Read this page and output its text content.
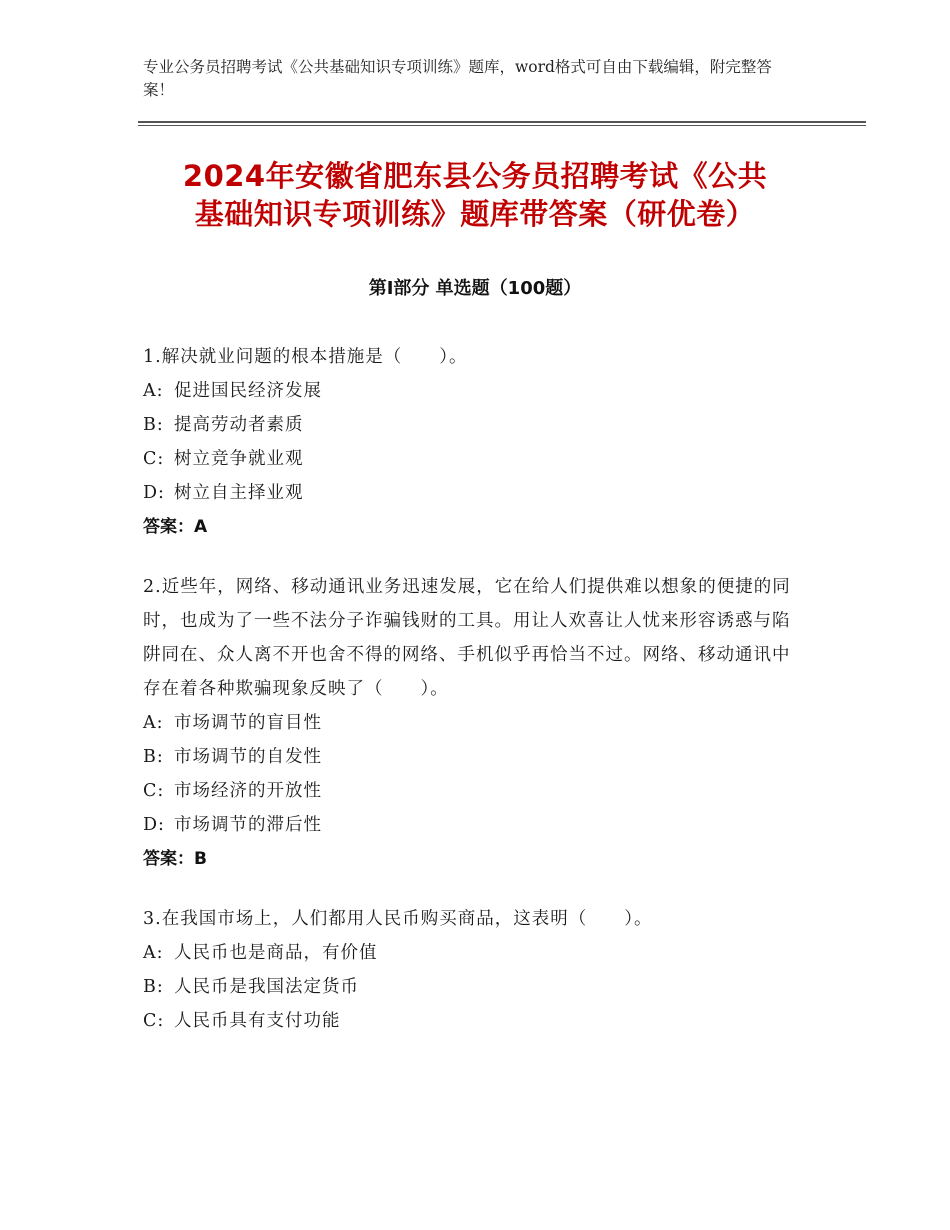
专业公务员招聘考试《公共基础知识专项训练》题库，word格式可自由下载编辑，附完整答案！
2024年安徽省肥东县公务员招聘考试《公共
基础知识专项训练》题库带答案（研优卷）
第Ⅰ部分 单选题（100题）
1.解决就业问题的根本措施是（　　）。
A: 促进国民经济发展
B: 提高劳动者素质
C: 树立竞争就业观
D: 树立自主择业观
答案：A
2.近些年，网络、移动通讯业务迅速发展，它在给人们提供难以想象的便捷的同时，也成为了一些不法分子诈骗钱财的工具。用让人欢喜让人忧来形容诱惑与陷阱同在、众人离不开也舍不得的网络、手机似乎再恰当不过。网络、移动通讯中存在着各种欺骗现象反映了（　　）。
A: 市场调节的盲目性
B: 市场调节的自发性
C: 市场经济的开放性
D: 市场调节的滞后性
答案：B
3.在我国市场上，人们都用人民币购买商品，这表明（　　）。
A: 人民币也是商品，有价值
B: 人民币是我国法定货币
C: 人民币具有支付功能
